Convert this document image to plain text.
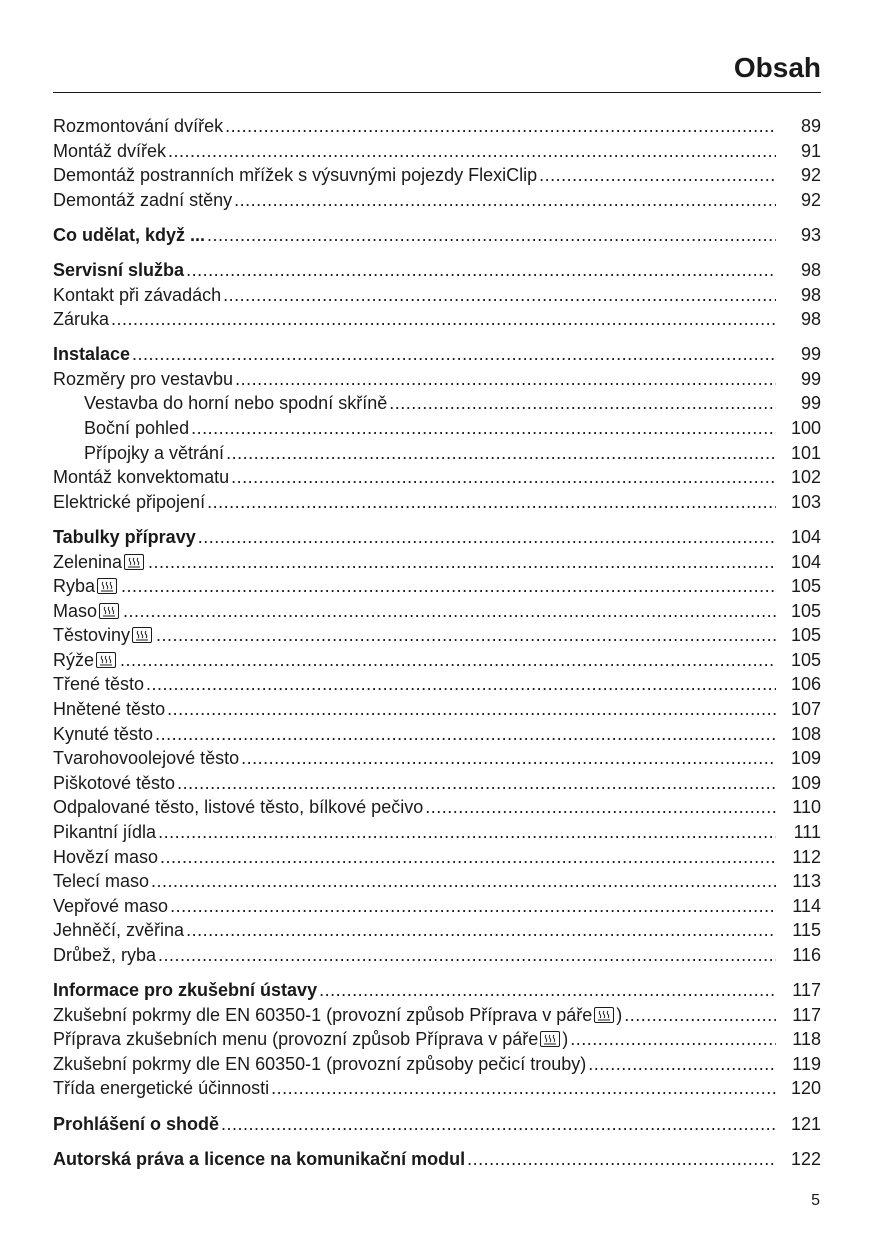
Obsah
Rozmontování dvířek .....	89
Montáž dvířek .....	91
Demontáž postranních mřížek s výsuvnými pojezdy FlexiClip .....	92
Demontáž zadní stěny .....	92
Co udělat, když ... .....	93
Servisní služba .....	98
Kontakt při závadách .....	98
Záruka .....	98
Instalace .....	99
Rozměry pro vestavbu .....	99
Vestavba do horní nebo spodní skříně .....	99
Boční pohled .....	100
Přípojky a větrání .....	101
Montáž konvektomatu .....	102
Elektrické připojení .....	103
Tabulky přípravy .....	104
Zelenina .....	104
Ryba .....	105
Maso .....	105
Těstoviny .....	105
Rýže .....	105
Třené těsto .....	106
Hnětené těsto .....	107
Kynuté těsto .....	108
Tvarohovoolejové těsto .....	109
Piškotové těsto .....	109
Odpalované těsto, listové těsto, bílkové pečivo .....	110
Pikantní jídla .....	111
Hovězí maso .....	112
Telecí maso .....	113
Vepřové maso .....	114
Jehněčí, zvěřina .....	115
Drůbež, ryba .....	116
Informace pro zkušební ústavy .....	117
Zkušební pokrmy dle EN 60350-1 (provozní způsob Příprava v páře ) .....	117
Příprava zkušebních menu (provozní způsob Příprava v páře ) .....	118
Zkušební pokrmy dle EN 60350-1 (provozní způsoby pečicí trouby) .....	119
Třída energetické účinnosti .....	120
Prohlášení o shodě .....	121
Autorská práva a licence na komunikační modul .....	122
5
